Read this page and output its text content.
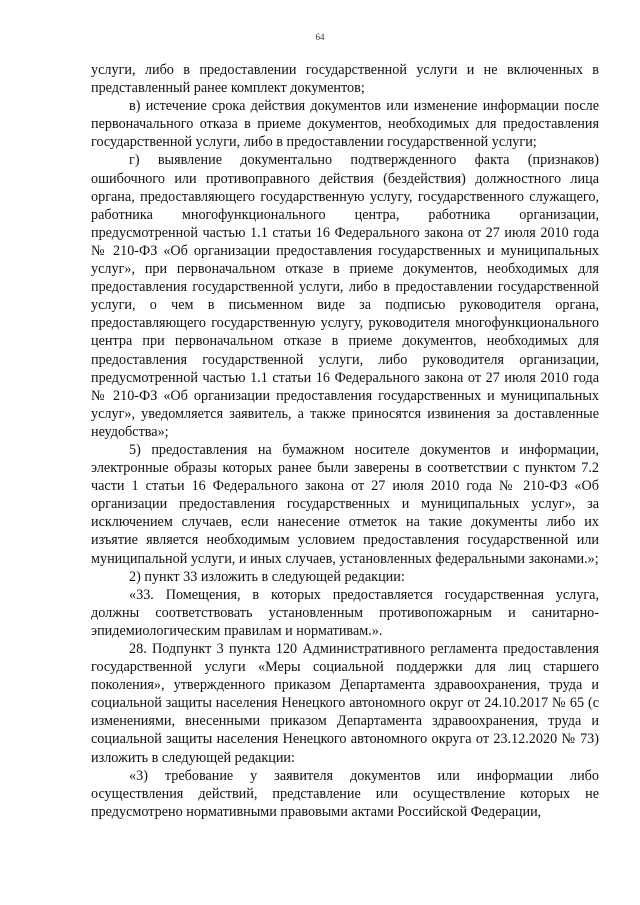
64

услуги, либо в предоставлении государственной услуги и не включенных в представленный ранее комплект документов;

в) истечение срока действия документов или изменение информации после первоначального отказа в приеме документов, необходимых для предоставления государственной услуги, либо в предоставлении государственной услуги;

г) выявление документально подтвержденного факта (признаков) ошибочного или противоправного действия (бездействия) должностного лица органа, предоставляющего государственную услугу, государственного служащего, работника многофункционального центра, работника организации, предусмотренной частью 1.1 статьи 16 Федерального закона от 27 июля 2010 года № 210-ФЗ «Об организации предоставления государственных и муниципальных услуг», при первоначальном отказе в приеме документов, необходимых для предоставления государственной услуги, либо в предоставлении государственной услуги, о чем в письменном виде за подписью руководителя органа, предоставляющего государственную услугу, руководителя многофункционального центра при первоначальном отказе в приеме документов, необходимых для предоставления государственной услуги, либо руководителя организации, предусмотренной частью 1.1 статьи 16 Федерального закона от 27 июля 2010 года № 210-ФЗ «Об организации предоставления государственных и муниципальных услуг», уведомляется заявитель, а также приносятся извинения за доставленные неудобства»;

5) предоставления на бумажном носителе документов и информации, электронные образы которых ранее были заверены в соответствии с пунктом 7.2 части 1 статьи 16 Федерального закона от 27 июля 2010 года № 210-ФЗ «Об организации предоставления государственных и муниципальных услуг», за исключением случаев, если нанесение отметок на такие документы либо их изъятие является необходимым условием предоставления государственной или муниципальной услуги, и иных случаев, установленных федеральными законами.»;

2) пункт 33 изложить в следующей редакции:

«33. Помещения, в которых предоставляется государственная услуга, должны соответствовать установленным противопожарным и санитарно-эпидемиологическим правилам и нормативам.».

28. Подпункт 3 пункта 120 Административного регламента предоставления государственной услуги «Меры социальной поддержки для лиц старшего поколения», утвержденного приказом Департамента здравоохранения, труда и социальной защиты населения Ненецкого автономного округ от 24.10.2017 № 65 (с изменениями, внесенными приказом Департамента здравоохранения, труда и социальной защиты населения Ненецкого автономного округа от 23.12.2020 № 73) изложить в следующей редакции:

«3) требование у заявителя документов или информации либо осуществления действий, представление или осуществление которых не предусмотрено нормативными правовыми актами Российской Федерации,
